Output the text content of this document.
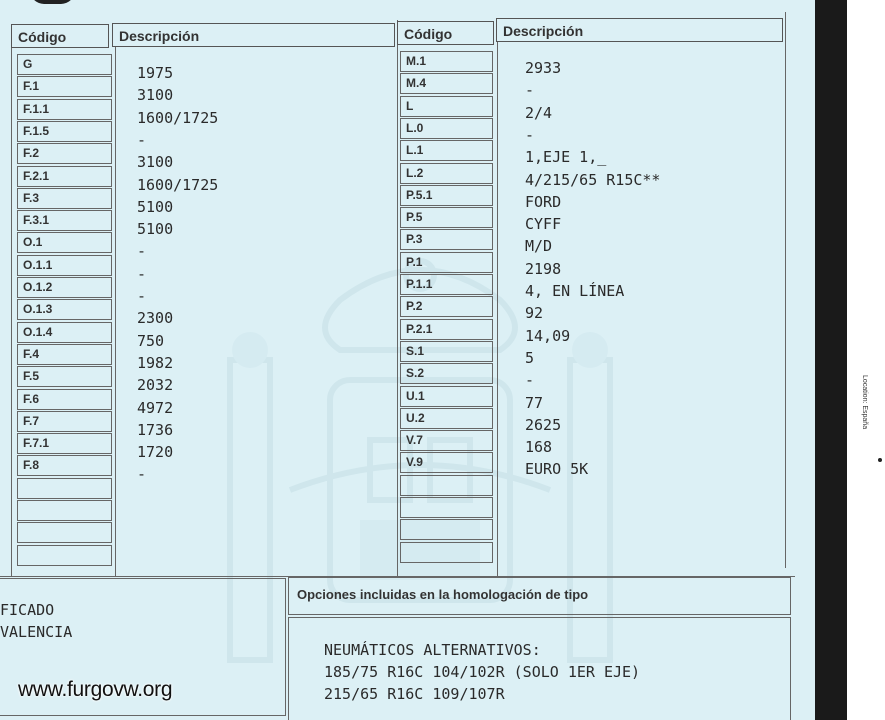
Código	Descripción	Código	Descripción
G	1975
F.1	3100
F.1.1	1600/1725
F.1.5	-
F.2	3100
F.2.1	1600/1725
F.3	5100
F.3.1	5100
O.1	-
O.1.1	-
O.1.2	-
O.1.3	2300
O.1.4	750
F.4	1982
F.5	2032
F.6	4972
F.7	1736
F.7.1	1720
F.8	-
M.1	2933
M.4	-
L	2/4
L.0	-
L.1	1,EJE 1,_
L.2	4/215/65 R15C**
P.5.1	FORD
P.5	CYFF
P.3	M/D
P.1	2198
P.1.1	4, EN LÍNEA
P.2	92
P.2.1	14,09
S.1	5
S.2	-
U.1	77
U.2	2625
V.7	168
V.9	EURO 5K
FICADO
VALENCIA
Opciones incluidas en la homologación de tipo
NEUMÁTICOS ALTERNATIVOS:
185/75 R16C 104/102R (SOLO 1ER EJE)
215/65 R16C 109/107R
www.furgovw.org
Location: España
